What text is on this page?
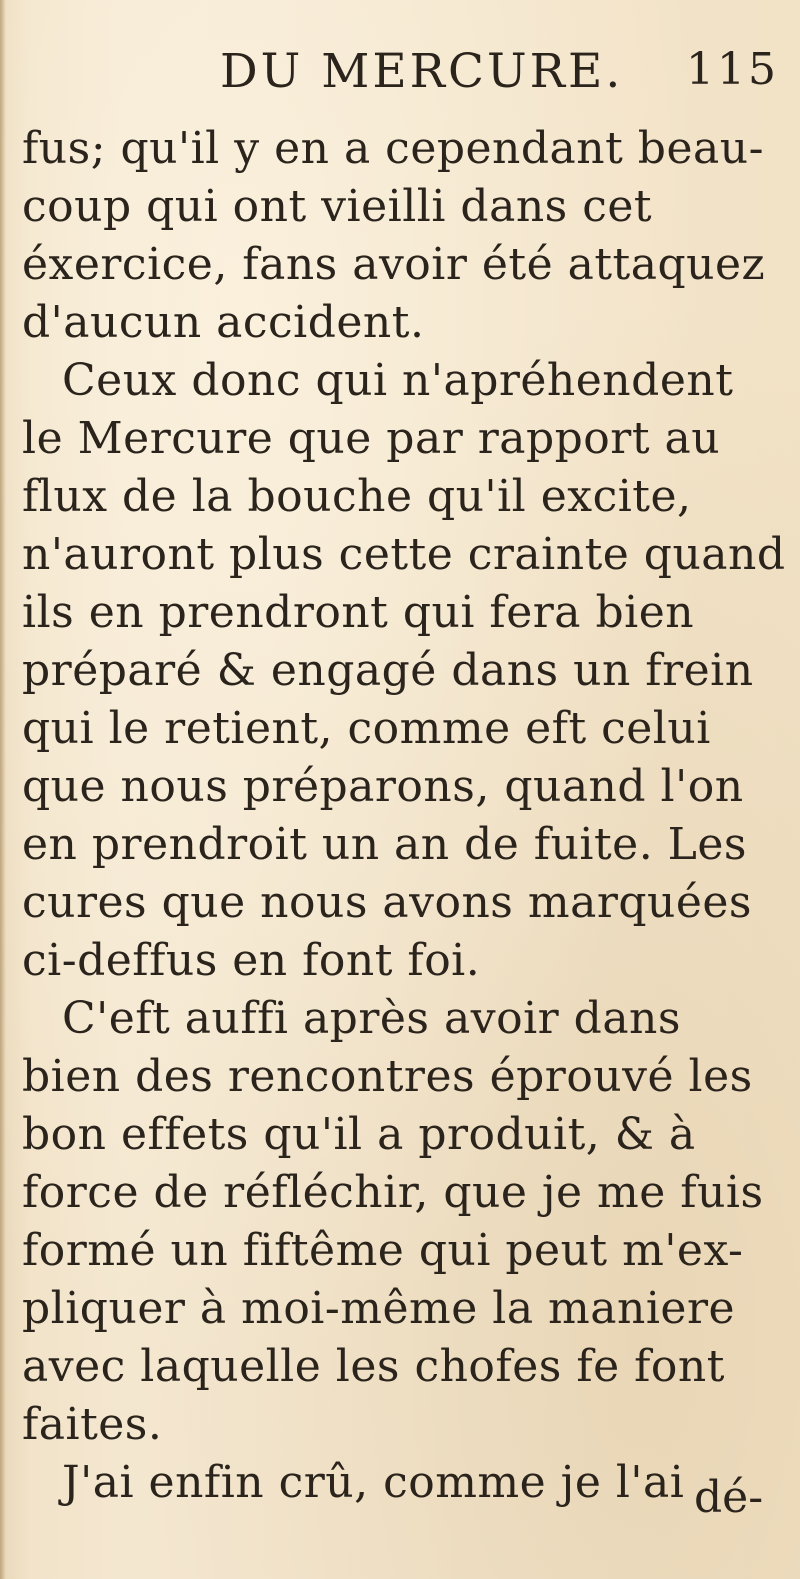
DU MERCURE. 115
fus; qu'il y en a cependant beau-
coup qui ont vieilli dans cet
éxercice, fans avoir été attaquez
d'aucun accident.
Ceux donc qui n'apréhendent
le Mercure que par rapport au
flux de la bouche qu'il excite,
n'auront plus cette crainte quand
ils en prendront qui fera bien
préparé & engagé dans un frein
qui le retient, comme eft celui
que nous préparons, quand l'on
en prendroit un an de fuite. Les
cures que nous avons marquées
ci-deffus en font foi.
C'eft auffi après avoir dans
bien des rencontres éprouvé les
bon effets qu'il a produit, & à
force de réfléchir, que je me fuis
formé un fiftême qui peut m'ex-
pliquer à moi-même la maniere
avec laquelle les chofes fe font
faites.
J'ai enfin crû, comme je l'ai dé-
